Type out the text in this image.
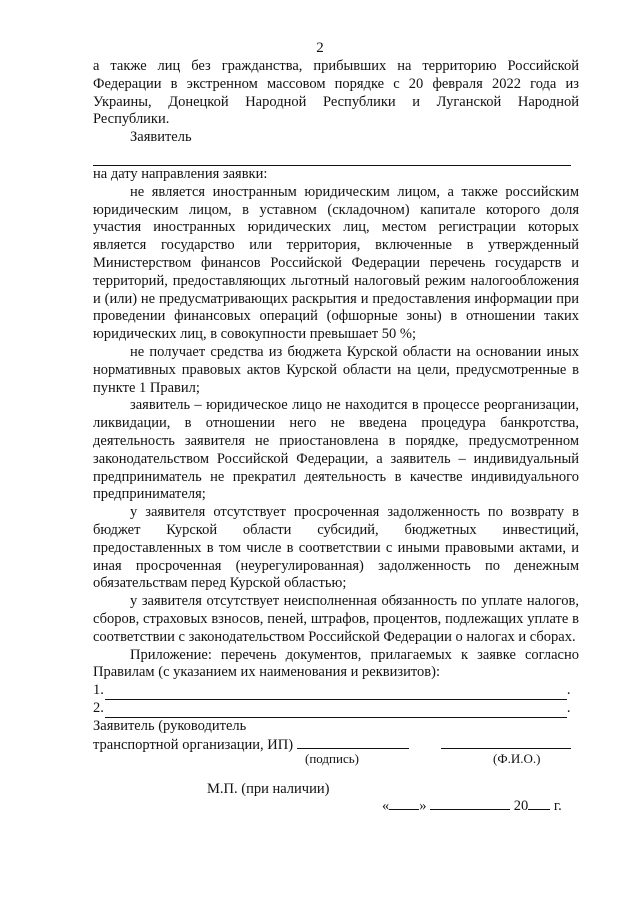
2

а также лиц без гражданства, прибывших на территорию Российской Федерации в экстренном массовом порядке с 20 февраля 2022 года из Украины, Донецкой Народной Республики и Луганской Народной Республики.

Заявитель

на дату направления заявки:

не является иностранным юридическим лицом, а также российским юридическим лицом, в уставном (складочном) капитале которого доля участия иностранных юридических лиц, местом регистрации которых является государство или территория, включенные в утвержденный Министерством финансов Российской Федерации перечень государств и территорий, предоставляющих льготный налоговый режим налогообложения и (или) не предусматривающих раскрытия и предоставления информации при проведении финансовых операций (офшорные зоны) в отношении таких юридических лиц, в совокупности превышает 50 %;

не получает средства из бюджета Курской области на основании иных нормативных правовых актов Курской области на цели, предусмотренные в пункте 1 Правил;

заявитель – юридическое лицо не находится в процессе реорганизации, ликвидации, в отношении него не введена процедура банкротства, деятельность заявителя не приостановлена в порядке, предусмотренном законодательством Российской Федерации, а заявитель – индивидуальный предприниматель не прекратил деятельность в качестве индивидуального предпринимателя;

у заявителя отсутствует просроченная задолженность по возврату в бюджет Курской области субсидий, бюджетных инвестиций, предоставленных в том числе в соответствии с иными правовыми актами, и иная просроченная (неурегулированная) задолженность по денежным обязательствам перед Курской областью;

у заявителя отсутствует неисполненная обязанность по уплате налогов, сборов, страховых взносов, пеней, штрафов, процентов, подлежащих уплате в соответствии с законодательством Российской Федерации о налогах и сборах.

Приложение: перечень документов, прилагаемых к заявке согласно Правилам (с указанием их наименования и реквизитов):

1.	.
2.	.
Заявитель (руководитель
транспортной организации, ИП)
(подпись)	(Ф.И.О.)
М.П. (при наличии)
« »	20 г.
